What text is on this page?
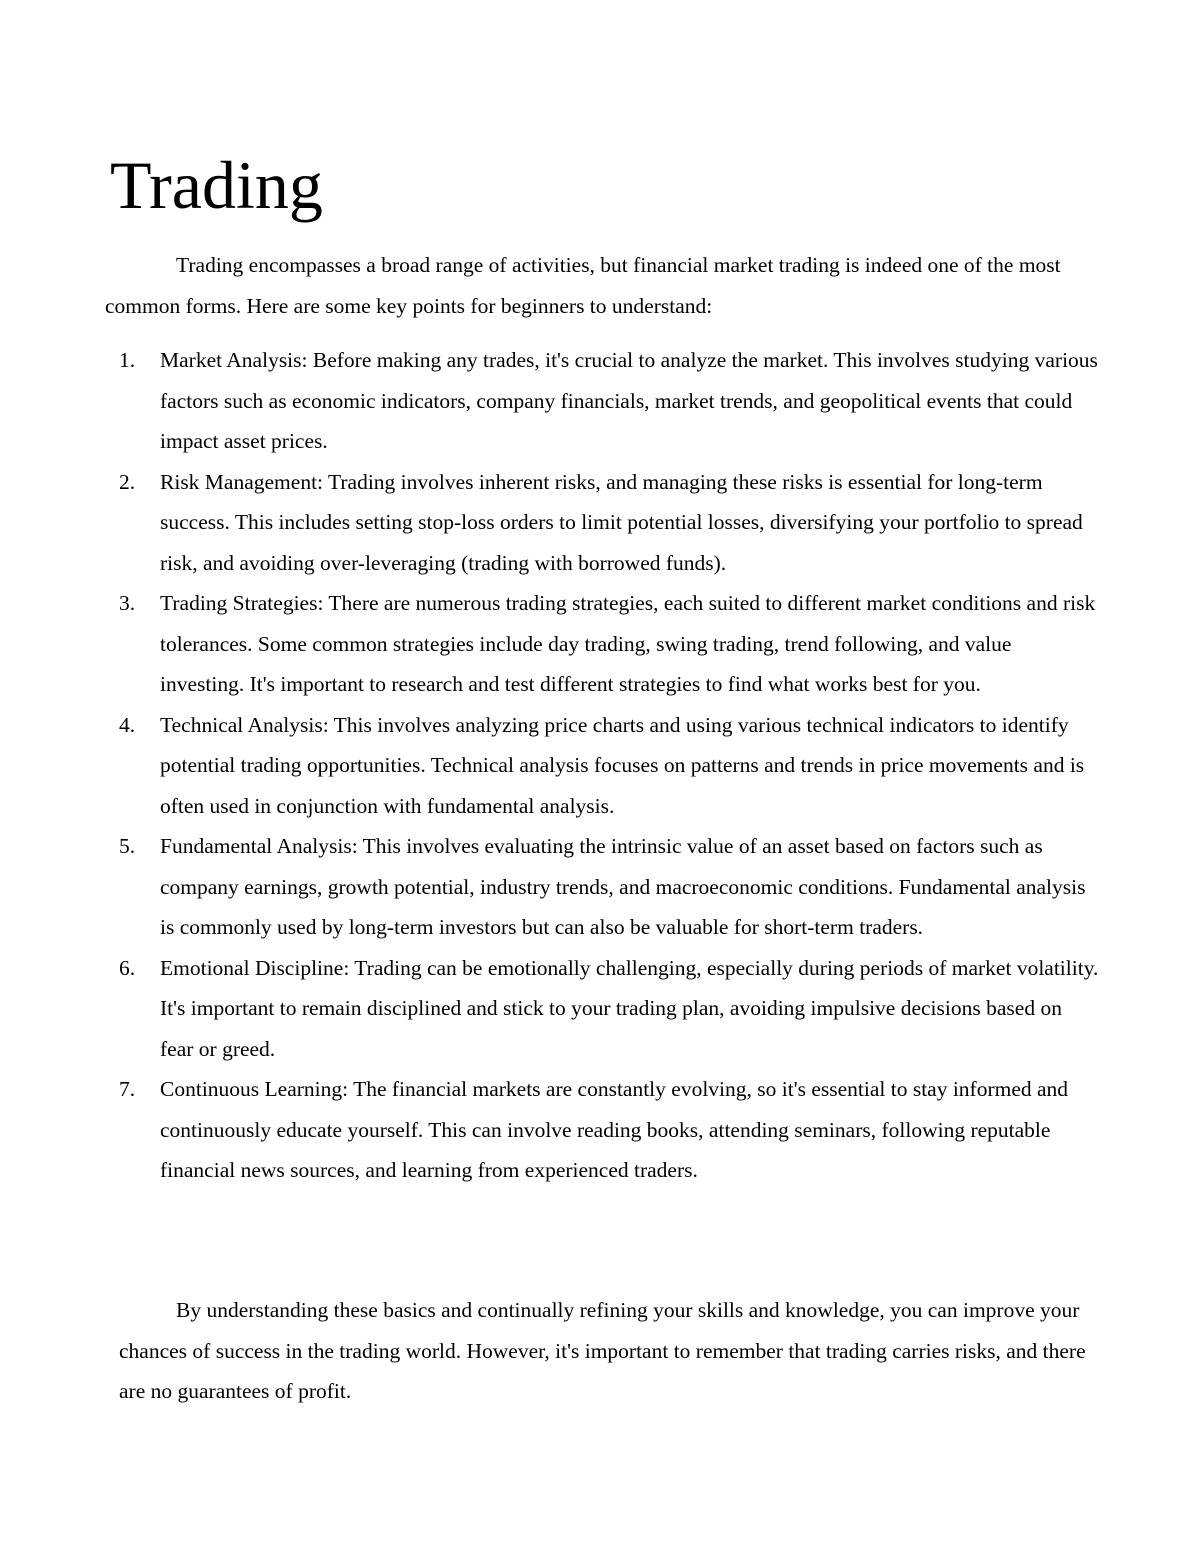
Trading

Trading encompasses a broad range of activities, but financial market trading is indeed one of the most common forms. Here are some key points for beginners to understand:

1.	Market Analysis: Before making any trades, it's crucial to analyze the market. This involves studying various factors such as economic indicators, company financials, market trends, and geopolitical events that could impact asset prices.
2.	Risk Management: Trading involves inherent risks, and managing these risks is essential for long-term success. This includes setting stop-loss orders to limit potential losses, diversifying your portfolio to spread risk, and avoiding over-leveraging (trading with borrowed funds).
3.	Trading Strategies: There are numerous trading strategies, each suited to different market conditions and risk tolerances. Some common strategies include day trading, swing trading, trend following, and value investing. It's important to research and test different strategies to find what works best for you.
4.	Technical Analysis: This involves analyzing price charts and using various technical indicators to identify potential trading opportunities. Technical analysis focuses on patterns and trends in price movements and is often used in conjunction with fundamental analysis.
5.	Fundamental Analysis: This involves evaluating the intrinsic value of an asset based on factors such as company earnings, growth potential, industry trends, and macroeconomic conditions. Fundamental analysis is commonly used by long-term investors but can also be valuable for short-term traders.
6.	Emotional Discipline: Trading can be emotionally challenging, especially during periods of market volatility. It's important to remain disciplined and stick to your trading plan, avoiding impulsive decisions based on fear or greed.
7.	Continuous Learning: The financial markets are constantly evolving, so it's essential to stay informed and continuously educate yourself. This can involve reading books, attending seminars, following reputable financial news sources, and learning from experienced traders.

By understanding these basics and continually refining your skills and knowledge, you can improve your chances of success in the trading world. However, it's important to remember that trading carries risks, and there are no guarantees of profit.
